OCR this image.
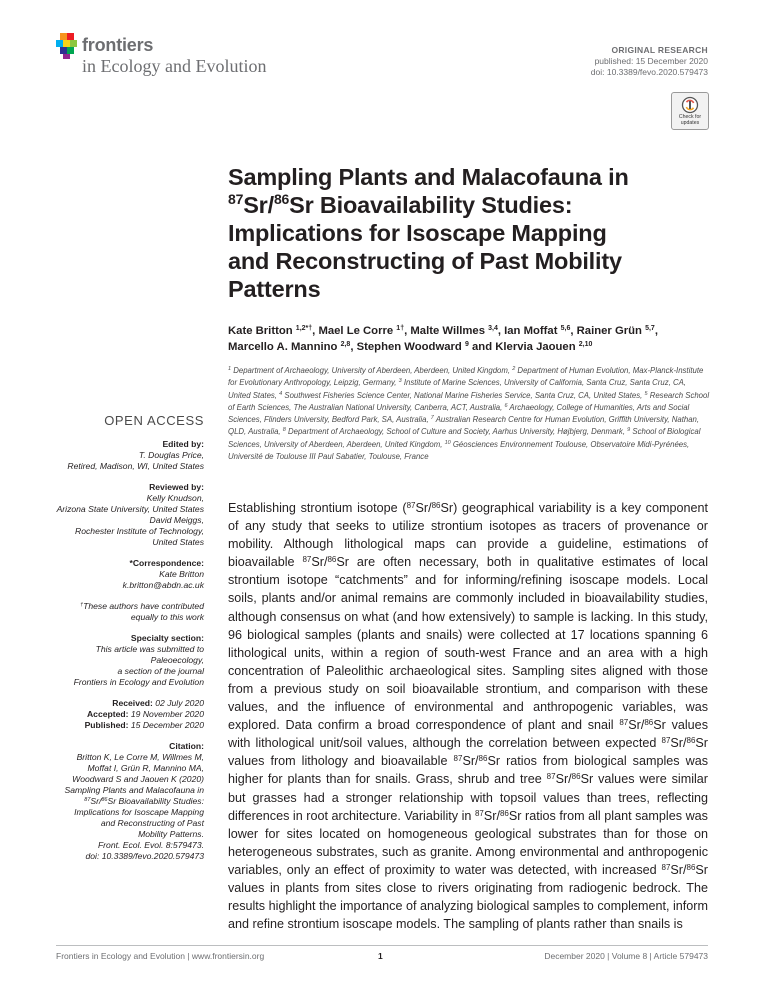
frontiers
in Ecology and Evolution
ORIGINAL RESEARCH
published: 15 December 2020
doi: 10.3389/fevo.2020.579473
Check for
updates
Sampling Plants and Malacofauna in
$^{87}$Sr/$^{86}$Sr Bioavailability Studies:
Implications for Isoscape Mapping
and Reconstructing of Past Mobility
Patterns
Kate Britton $^{1,2*\dagger}$, Mael Le Corre $^{1\dagger}$, Malte Willmes $^{3,4}$, Ian Moffat $^{5,6}$, Rainer Grün $^{5,7}$,
Marcello A. Mannino $^{2,8}$, Stephen Woodward $^9$ and Klervia Jaouen $^{2,10}$
$^1$ Department of Archaeology, University of Aberdeen, Aberdeen, United Kingdom, $^2$ Department of Human Evolution, Max-Planck-Institute for Evolutionary Anthropology, Leipzig, Germany, $^3$ Institute of Marine Sciences, University of California, Santa Cruz, Santa Cruz, CA, United States, $^4$ Southwest Fisheries Science Center, National Marine Fisheries Service, Santa Cruz, CA, United States, $^5$ Research School of Earth Sciences, The Australian National University, Canberra, ACT, Australia, $^6$ Archaeology, College of Humanities, Arts and Social Sciences, Flinders University, Bedford Park, SA, Australia, $^7$ Australian Research Centre for Human Evolution, Griffith University, Nathan, QLD, Australia, $^8$ Department of Archaeology, School of Culture and Society, Aarhus University, Højbjerg, Denmark, $^9$ School of Biological Sciences, University of Aberdeen, Aberdeen, United Kingdom, $^{10}$ Géosciences Environnement Toulouse, Observatoire Midi-Pyrénées, Université de Toulouse III Paul Sabatier, Toulouse, France
OPEN ACCESS
Edited by:
T. Douglas Price,
Retired, Madison, WI, United States
Reviewed by:
Kelly Knudson,
Arizona State University, United States
David Meiggs,
Rochester Institute of Technology,
United States
*Correspondence:
Kate Britton
k.britton@abdn.ac.uk
†These authors have contributed
equally to this work
Specialty section:
This article was submitted to
Paleoecology,
a section of the journal
Frontiers in Ecology and Evolution
Received: 02 July 2020
Accepted: 19 November 2020
Published: 15 December 2020
Citation:
Britton K, Le Corre M, Willmes M,
Moffat I, Grün R, Mannino MA,
Woodward S and Jaouen K (2020)
Sampling Plants and Malacofauna in
$^{87}$Sr/$^{86}$Sr Bioavailability Studies:
Implications for Isoscape Mapping
and Reconstructing of Past
Mobility Patterns.
Front. Ecol. Evol. 8:579473.
doi: 10.3389/fevo.2020.579473
Establishing strontium isotope ($^{87}$Sr/$^{86}$Sr) geographical variability is a key component of any study that seeks to utilize strontium isotopes as tracers of provenance or mobility. Although lithological maps can provide a guideline, estimations of bioavailable $^{87}$Sr/$^{86}$Sr are often necessary, both in qualitative estimates of local strontium isotope “catchments” and for informing/refining isoscape models. Local soils, plants and/or animal remains are commonly included in bioavailability studies, although consensus on what (and how extensively) to sample is lacking. In this study, 96 biological samples (plants and snails) were collected at 17 locations spanning 6 lithological units, within a region of south-west France and an area with a high concentration of Paleolithic archaeological sites. Sampling sites aligned with those from a previous study on soil bioavailable strontium, and comparison with these values, and the influence of environmental and anthropogenic variables, was explored. Data confirm a broad correspondence of plant and snail $^{87}$Sr/$^{86}$Sr values with lithological unit/soil values, although the correlation between expected $^{87}$Sr/$^{86}$Sr values from lithology and bioavailable $^{87}$Sr/$^{86}$Sr ratios from biological samples was higher for plants than for snails. Grass, shrub and tree $^{87}$Sr/$^{86}$Sr values were similar but grasses had a stronger relationship with topsoil values than trees, reflecting differences in root architecture. Variability in $^{87}$Sr/$^{86}$Sr ratios from all plant samples was lower for sites located on homogeneous geological substrates than for those on heterogeneous substrates, such as granite. Among environmental and anthropogenic variables, only an effect of proximity to water was detected, with increased $^{87}$Sr/$^{86}$Sr values in plants from sites close to rivers originating from radiogenic bedrock. The results highlight the importance of analyzing biological samples to complement, inform and refine strontium isoscape models. The sampling of plants rather than snails is
Frontiers in Ecology and Evolution | www.frontiersin.org	1	December 2020 | Volume 8 | Article 579473
